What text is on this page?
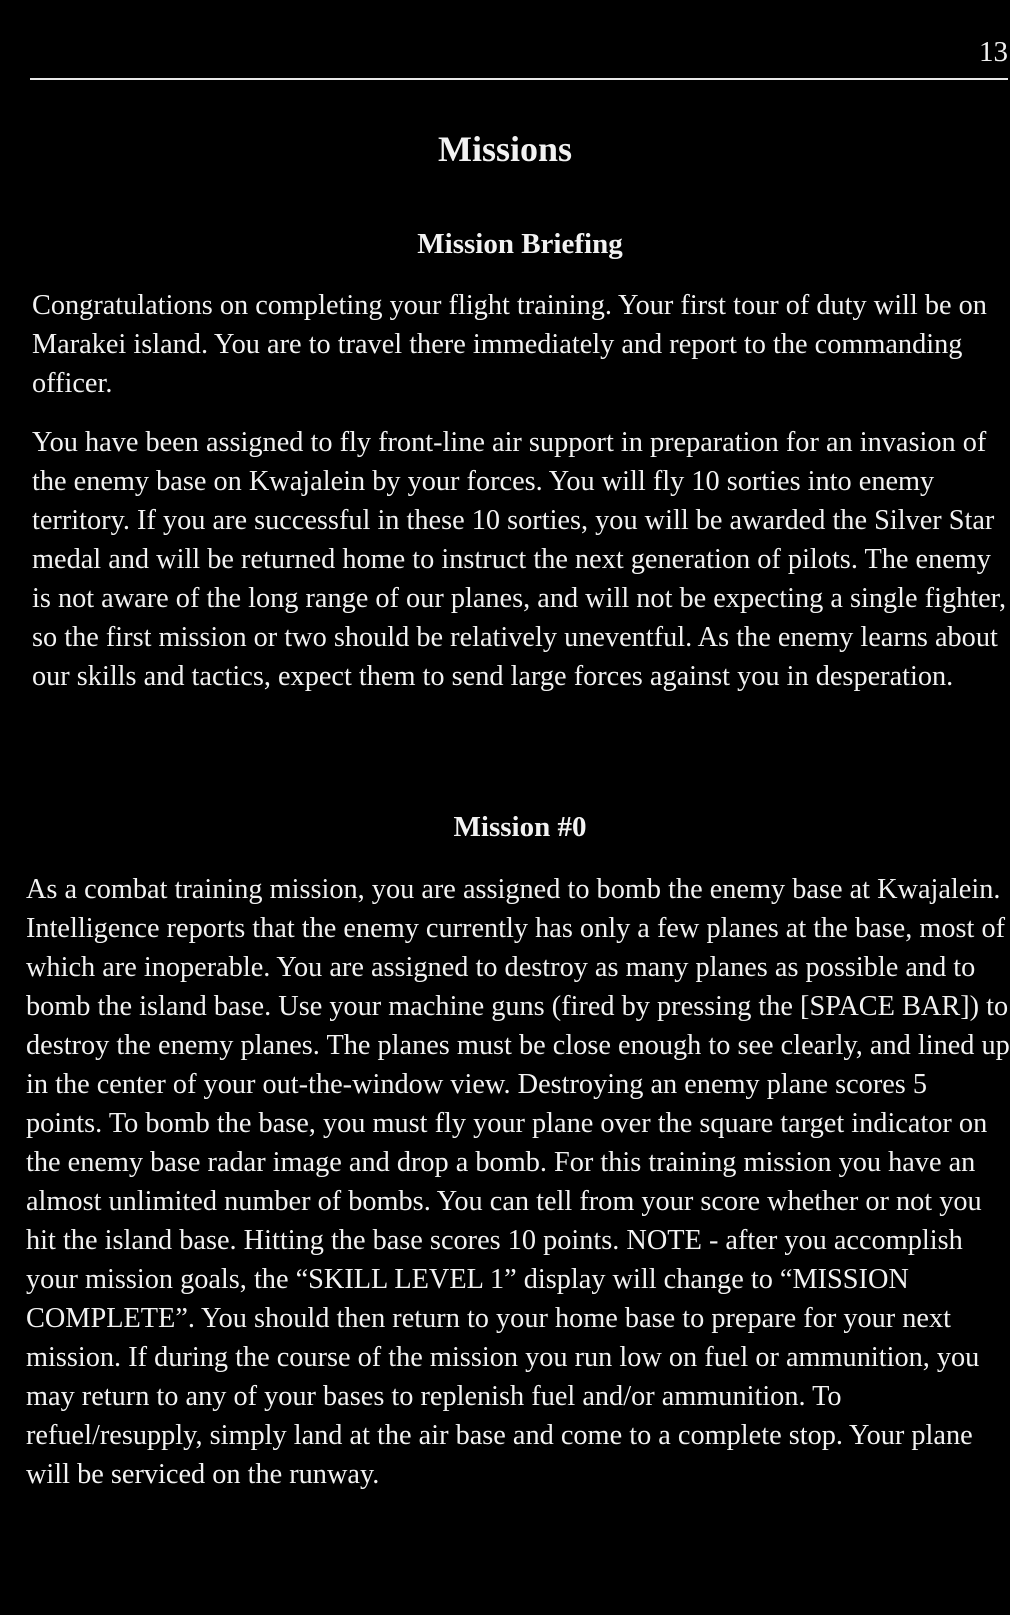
13
Missions
Mission Briefing

Congratulations on completing your flight training. Your first tour of duty will be on Marakei island. You are to travel there immediately and report to the commanding officer.

You have been assigned to fly front-line air support in preparation for an invasion of the enemy base on Kwajalein by your forces. You will fly 10 sorties into enemy territory. If you are successful in these 10 sorties, you will be awarded the Silver Star medal and will be returned home to instruct the next generation of pilots. The enemy is not aware of the long range of our planes, and will not be expecting a single fighter, so the first mission or two should be relatively uneventful. As the enemy learns about our skills and tactics, expect them to send large forces against you in desperation.

Mission #0

As a combat training mission, you are assigned to bomb the enemy base at Kwajalein. Intelligence reports that the enemy currently has only a few planes at the base, most of which are inoperable. You are assigned to destroy as many planes as possible and to bomb the island base. Use your machine guns (fired by pressing the [SPACE BAR]) to destroy the enemy planes. The planes must be close enough to see clearly, and lined up in the center of your out-the-window view. Destroying an enemy plane scores 5 points. To bomb the base, you must fly your plane over the square target indicator on the enemy base radar image and drop a bomb. For this training mission you have an almost unlimited number of bombs. You can tell from your score whether or not you hit the island base. Hitting the base scores 10 points. NOTE - after you accomplish your mission goals, the “SKILL LEVEL 1” display will change to “MISSION COMPLETE”. You should then return to your home base to prepare for your next mission. If during the course of the mission you run low on fuel or ammunition, you may return to any of your bases to replenish fuel and/or ammunition. To refuel/resupply, simply land at the air base and come to a complete stop. Your plane will be serviced on the runway.
